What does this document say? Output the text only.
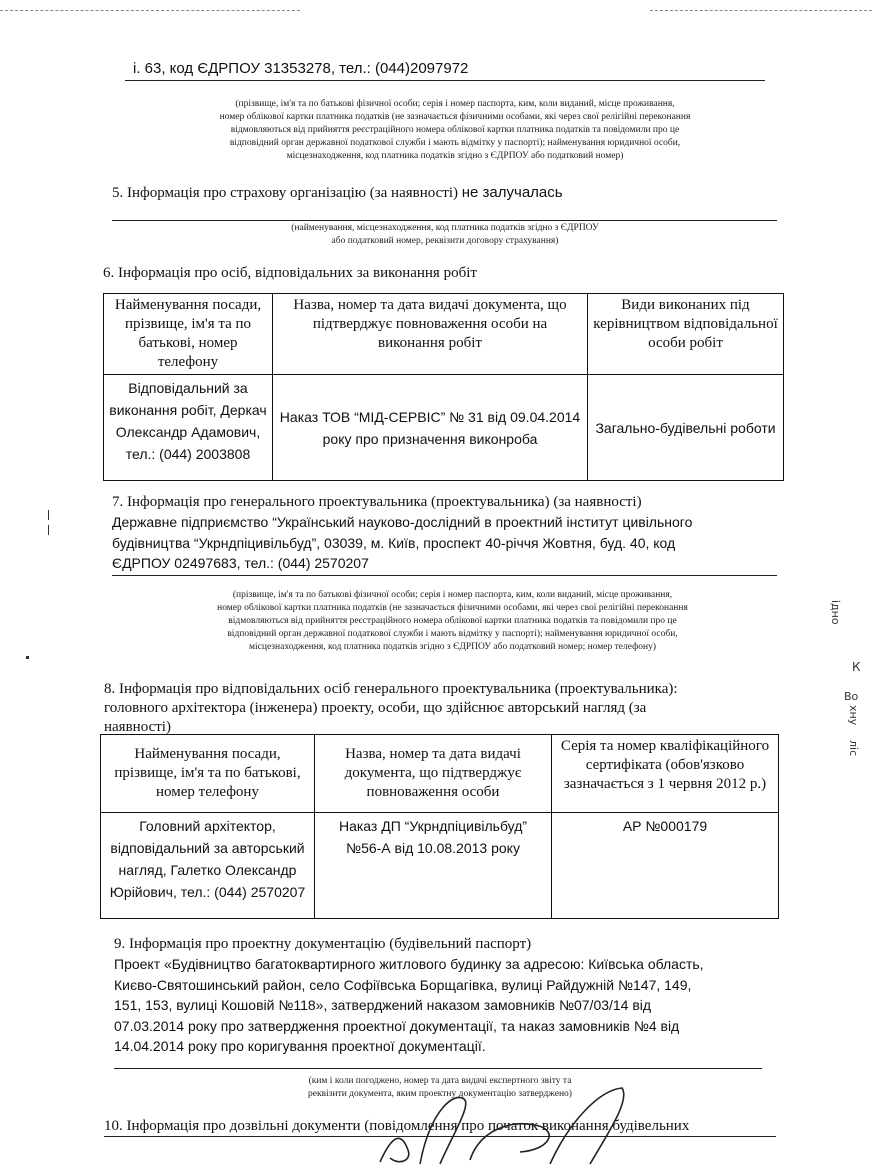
і. 63, код ЄДРПОУ 31353278, тел.: (044)2097972
(прізвище, ім'я та по батькові фізичної особи; серія і номер паспорта, ким, коли виданий, місце проживання,
номер облікової картки платника податків (не зазначається фізичними особами, які через свої релігійні переконання
відмовляються від прийняття реєстраційного номера облікової картки платника податків та повідомили про це
відповідний орган державної податкової служби і мають відмітку у паспорті); найменування юридичної особи,
місцезнаходження, код платника податків згідно з ЄДРПОУ або податковий номер)
5. Інформація про страхову організацію (за наявності) не залучалась
(найменування, місцезнаходження, код платника податків згідно з ЄДРПОУ
або податковий номер, реквізити договору страхування)
6. Інформація про осіб, відповідальних за виконання робіт
Найменування посади, прізвище, ім'я та по батькові, номер телефону	Назва, номер та дата видачі документа, що підтверджує повноваження особи на виконання робіт	Види виконаних під керівництвом відповідальної особи робіт
Відповідальний за виконання робіт, Деркач Олександр Адамович, тел.: (044) 2003808	Наказ ТОВ “МІД-СЕРВІС” № 31 від 09.04.2014 року про призначення виконроба	Загально-будівельні роботи
7. Інформація про генерального проектувальника (проектувальника) (за наявності)
Державне підприємство “Український науково-дослідний в проектний інститут цивільного
будівництва “Укрндпіцивільбуд”, 03039, м. Київ, проспект 40-річчя Жовтня, буд. 40, код
ЄДРПОУ 02497683, тел.: (044) 2570207
(прізвище, ім'я та по батькові фізичної особи; серія і номер паспорта, ким, коли виданий, місце проживання,
номер облікової картки платника податків (не зазначається фізичними особами, які через свої релігійні переконання
відмовляються від прийняття реєстраційного номера облікової картки платника податків та повідомили про це
відповідний орган державної податкової служби і мають відмітку у паспорті); найменування юридичної особи,
місцезнаходження, код платника податків згідно з ЄДРПОУ або податковий номер; номер телефону)
8. Інформація про відповідальних осіб генерального проектувальника (проектувальника):
головного архітектора (інженера) проекту, особи, що здійснює авторський нагляд (за
наявності)
Найменування посади, прізвище, ім'я та по батькові, номер телефону	Назва, номер та дата видачі документа, що підтверджує повноваження особи	Серія та номер кваліфікаційного сертифіката (обов'язково зазначається з 1 червня 2012 р.)
Головний архітектор, відповідальний за авторський нагляд, Галетко Олександр Юрійович, тел.: (044) 2570207	Наказ ДП “Укрндпіцивільбуд” №56-А від 10.08.2013 року	АР №000179
9. Інформація про проектну документацію (будівельний паспорт)
Проект «Будівництво багатоквартирного житлового будинку за адресою: Київська область,
Києво-Святошинський район, село Софіївська Борщагівка, вулиці Райдужній №147, 149,
151, 153, вулиці Кошовій №118», затверджений наказом замовників №07/03/14 від
07.03.2014 року про затвердження проектної документації, та наказ замовників №4 від
14.04.2014 року про коригування проектної документації.
(ким і коли погоджено, номер та дата видачі експертного звіту та
реквізити документа, яким проектну документацію затверджено)
10. Інформація про дозвільні документи (повідомлення про початок виконання будівельних
ідно
К
Во
хну
ліс
